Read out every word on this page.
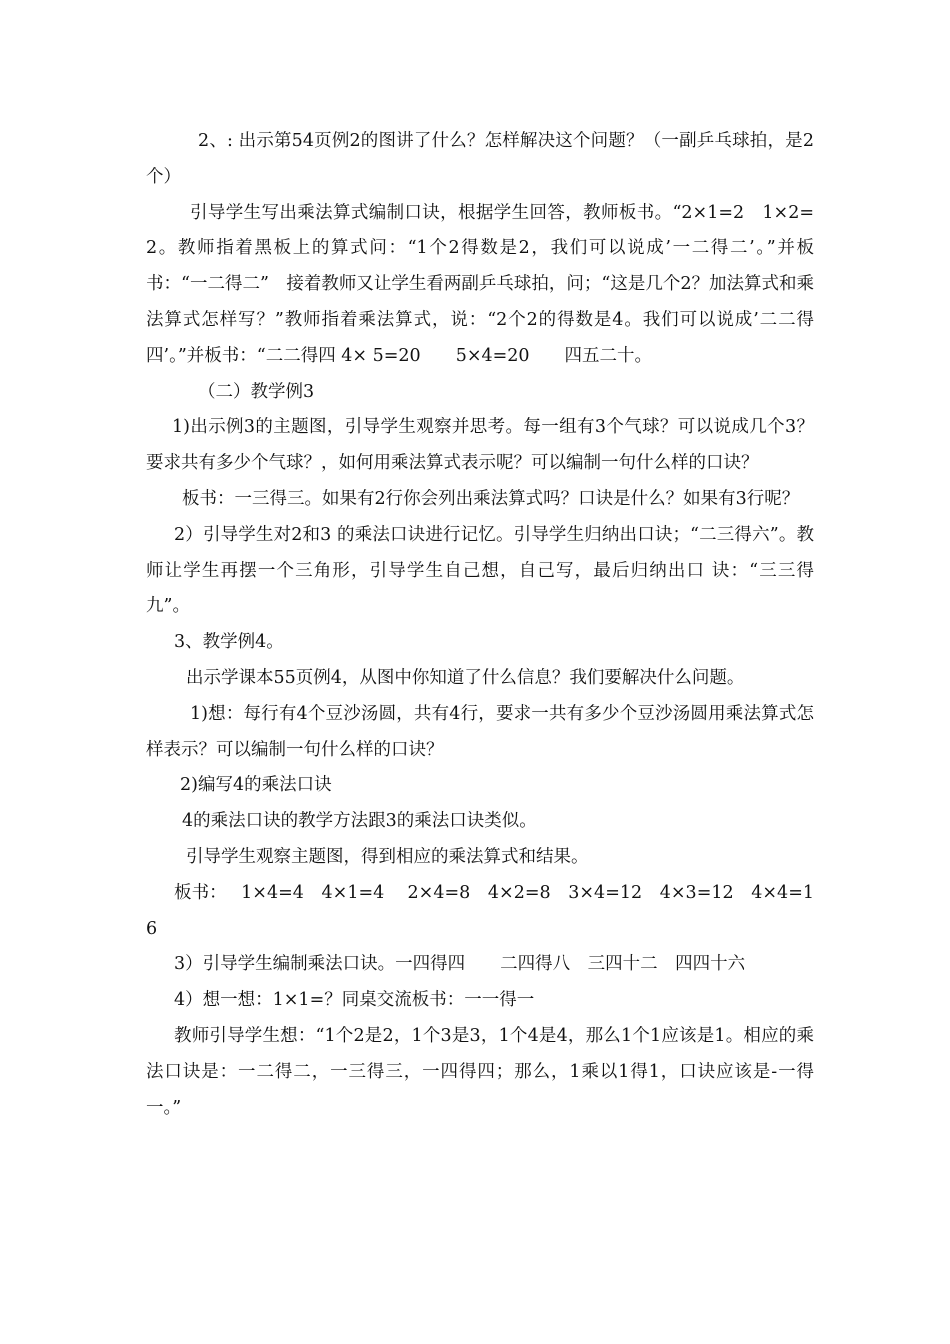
2、: 出示第54页例2的图讲了什么？怎样解决这个问题？（一副乒乓球拍，是2个）

引导学生写出乘法算式编制口诀，根据学生回答，教师板书。“2×1=2　1×2=2。教师指着黑板上的算式问：“1个2得数是2，我们可以说成’一二得二’。”并板书：“一二得二”　接着教师又让学生看两副乒乓球拍，问；“这是几个2？加法算式和乘法算式怎样写？”教师指着乘法算式，说：“2个2的得数是4。我们可以说成’二二得四’。”并板书：“二二得四 4× 5=20　　5×4=20　　四五二十。

（二）教学例3

1)出示例3的主题图，引导学生观察并思考。每一组有3个气球？可以说成几个3？要求共有多少个气球？，如何用乘法算式表示呢？可以编制一句什么样的口诀？

板书：一三得三。如果有2行你会列出乘法算式吗？口诀是什么？如果有3行呢？

2）引导学生对2和3 的乘法口诀进行记忆。引导学生归纳出口诀；“二三得六”。教师让学生再摆一个三角形，引导学生自己想，自己写，最后归纳出口 诀：“三三得九”。

3、教学例4。

出示学课本55页例4，从图中你知道了什么信息？我们要解决什么问题。

1)想：每行有4个豆沙汤圆，共有4行，要求一共有多少个豆沙汤圆用乘法算式怎样表示？可以编制一句什么样的口诀？

2)编写4的乘法口诀

4的乘法口诀的教学方法跟3的乘法口诀类似。

引导学生观察主题图，得到相应的乘法算式和结果。

板书：　 1×4=4　4×1=4　 2×4=8　4×2=8　3×4=12　4×3=12　4×4=16

3）引导学生编制乘法口诀。一四得四　　二四得八　三四十二　四四十六

4）想一想：1×1=？同桌交流板书：一一得一

教师引导学生想：“1个2是2，1个3是3，1个4是4，那么1个1应该是1。相应的乘法口诀是：一二得二，一三得三，一四得四；那么，1乘以1得1，口诀应该是-一得一。”
